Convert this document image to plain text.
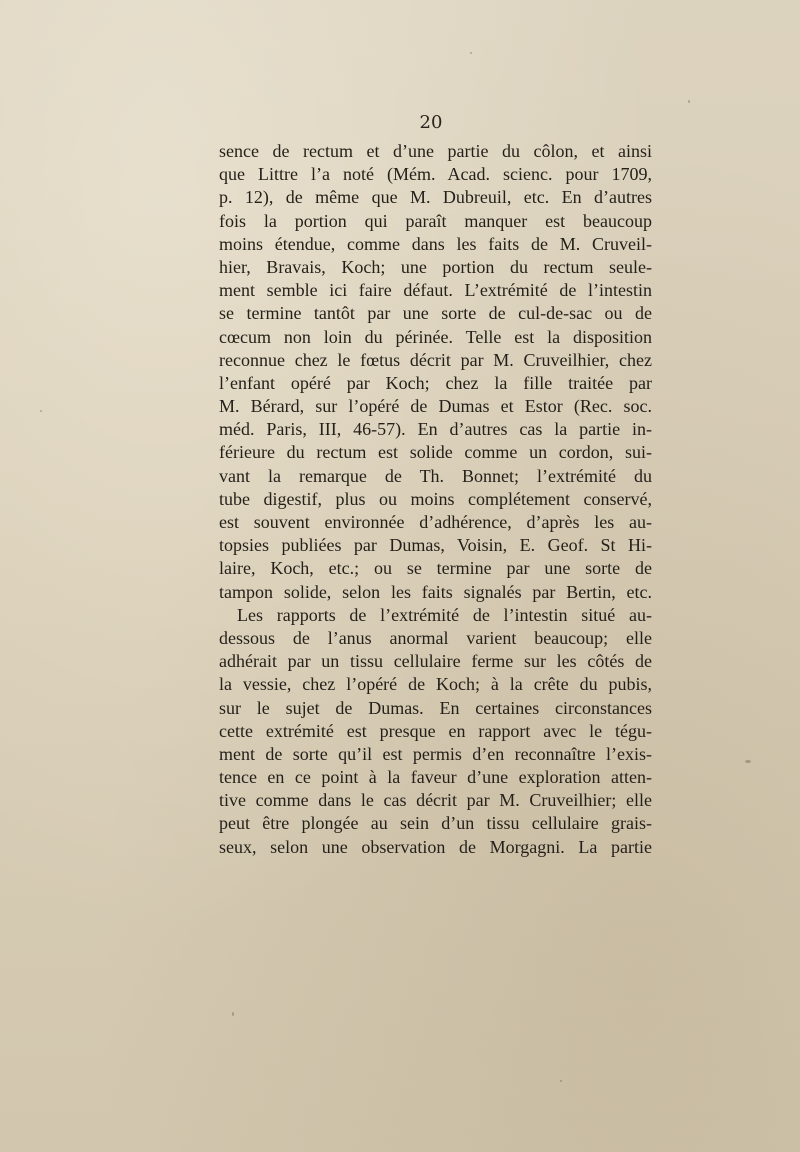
20

sence de rectum et d’une partie du côlon, et ainsi
que Littre l’a noté (Mém. Acad. scienc. pour 1709,
p. 12), de même que M. Dubreuil, etc. En d’autres
fois la portion qui paraît manquer est beaucoup
moins étendue, comme dans les faits de M. Cruveil-
hier, Bravais, Koch; une portion du rectum seule-
ment semble ici faire défaut. L’extrémité de l’intestin
se termine tantôt par une sorte de cul-de-sac ou de
cœcum non loin du périnée. Telle est la disposition
reconnue chez le fœtus décrit par M. Cruveilhier, chez
l’enfant opéré par Koch; chez la fille traitée par
M. Bérard, sur l’opéré de Dumas et Estor (Rec. soc.
méd. Paris, III, 46-57). En d’autres cas la partie in-
férieure du rectum est solide comme un cordon, sui-
vant la remarque de Th. Bonnet; l’extrémité du
tube digestif, plus ou moins complétement conservé,
est souvent environnée d’adhérence, d’après les au-
topsies publiées par Dumas, Voisin, E. Geof. St Hi-
laire, Koch, etc.; ou se termine par une sorte de
tampon solide, selon les faits signalés par Bertin, etc.
Les rapports de l’extrémité de l’intestin situé au-
dessous de l’anus anormal varient beaucoup; elle
adhérait par un tissu cellulaire ferme sur les côtés de
la vessie, chez l’opéré de Koch; à la crête du pubis,
sur le sujet de Dumas. En certaines circonstances
cette extrémité est presque en rapport avec le tégu-
ment de sorte qu’il est permis d’en reconnaître l’exis-
tence en ce point à la faveur d’une exploration atten-
tive comme dans le cas décrit par M. Cruveilhier; elle
peut être plongée au sein d’un tissu cellulaire grais-
seux, selon une observation de Morgagni. La partie
